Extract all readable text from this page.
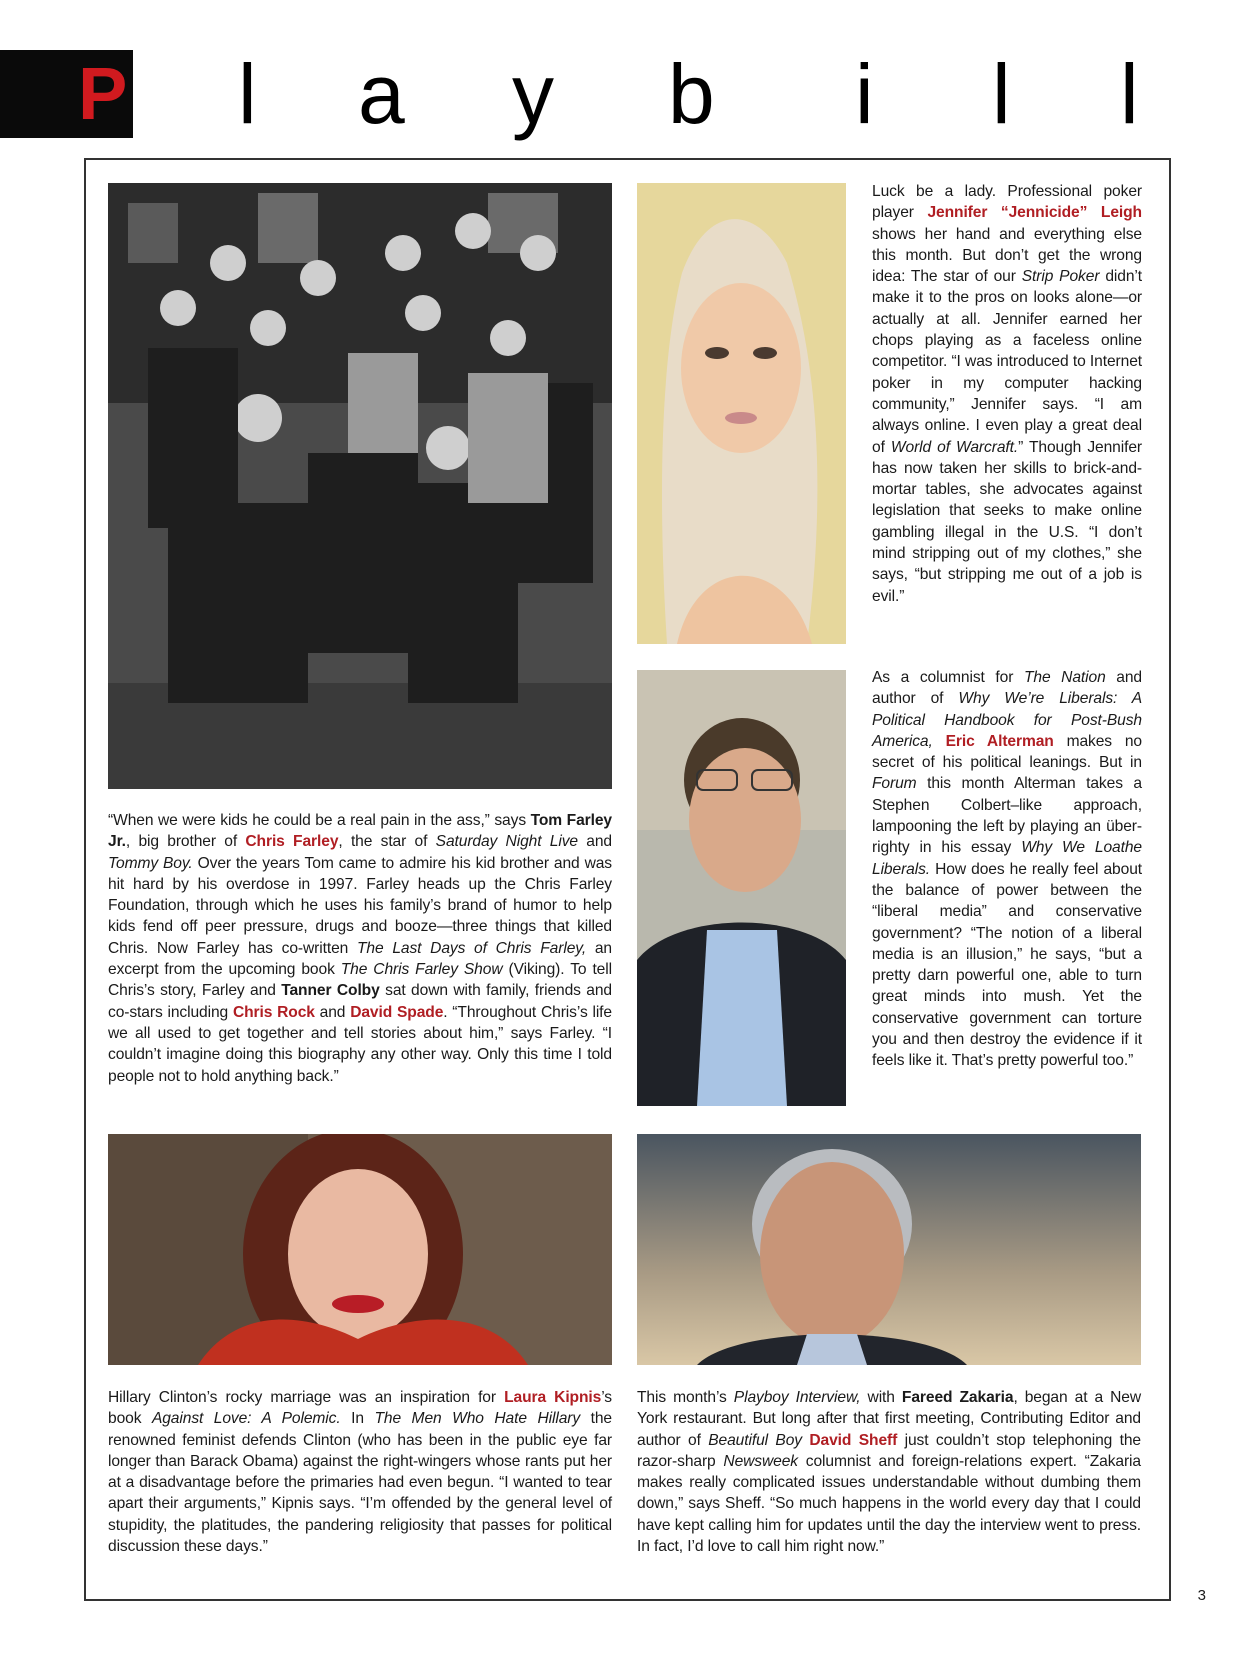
P l a y b i l l

“When we were kids he could be a real pain in the ass,” says Tom Farley Jr., big brother of Chris Farley, the star of Saturday Night Live and Tommy Boy. Over the years Tom came to admire his kid brother and was hit hard by his overdose in 1997. Farley heads up the Chris Farley Foundation, through which he uses his family’s brand of humor to help kids fend off peer pressure, drugs and booze—three things that killed Chris. Now Farley has co-written The Last Days of Chris Farley, an excerpt from the upcoming book The Chris Farley Show (Viking). To tell Chris’s story, Farley and Tanner Colby sat down with family, friends and co-stars including Chris Rock and David Spade. “Throughout Chris’s life we all used to get together and tell stories about him,” says Farley. “I couldn’t imagine doing this biography any other way. Only this time I told people not to hold anything back.”

Luck be a lady. Professional poker player Jennifer “Jennicide” Leigh shows her hand and everything else this month. But don’t get the wrong idea: The star of our Strip Poker didn’t make it to the pros on looks alone—or actually at all. Jennifer earned her chops playing as a faceless online competitor. “I was introduced to Internet poker in my computer hacking community,” Jennifer says. “I am always online. I even play a great deal of World of Warcraft.” Though Jennifer has now taken her skills to brick-and-mortar tables, she advocates against legislation that seeks to make online gambling illegal in the U.S. “I don’t mind stripping out of my clothes,” she says, “but stripping me out of a job is evil.”

As a columnist for The Nation and author of Why We’re Liberals: A Political Handbook for Post-Bush America, Eric Alterman makes no secret of his political leanings. But in Forum this month Alterman takes a Stephen Colbert–like approach, lampooning the left by playing an über-righty in his essay Why We Loathe Liberals. How does he really feel about the balance of power between the “liberal media” and conservative government? “The notion of a liberal media is an illusion,” he says, “but a pretty darn powerful one, able to turn great minds into mush. Yet the conservative government can torture you and then destroy the evidence if it feels like it. That’s pretty powerful too.”

Hillary Clinton’s rocky marriage was an inspiration for Laura Kipnis’s book Against Love: A Polemic. In The Men Who Hate Hillary the renowned feminist defends Clinton (who has been in the public eye far longer than Barack Obama) against the right-wingers whose rants put her at a disadvantage before the primaries had even begun. “I wanted to tear apart their arguments,” Kipnis says. “I’m offended by the general level of stupidity, the platitudes, the pandering religiosity that passes for political discussion these days.”

This month’s Playboy Interview, with Fareed Zakaria, began at a New York restaurant. But long after that first meeting, Contributing Editor and author of Beautiful Boy David Sheff just couldn’t stop telephoning the razor-sharp Newsweek columnist and foreign-relations expert. “Zakaria makes really complicated issues understandable without dumbing them down,” says Sheff. “So much happens in the world every day that I could have kept calling him for updates until the day the interview went to press. In fact, I’d love to call him right now.”

3
